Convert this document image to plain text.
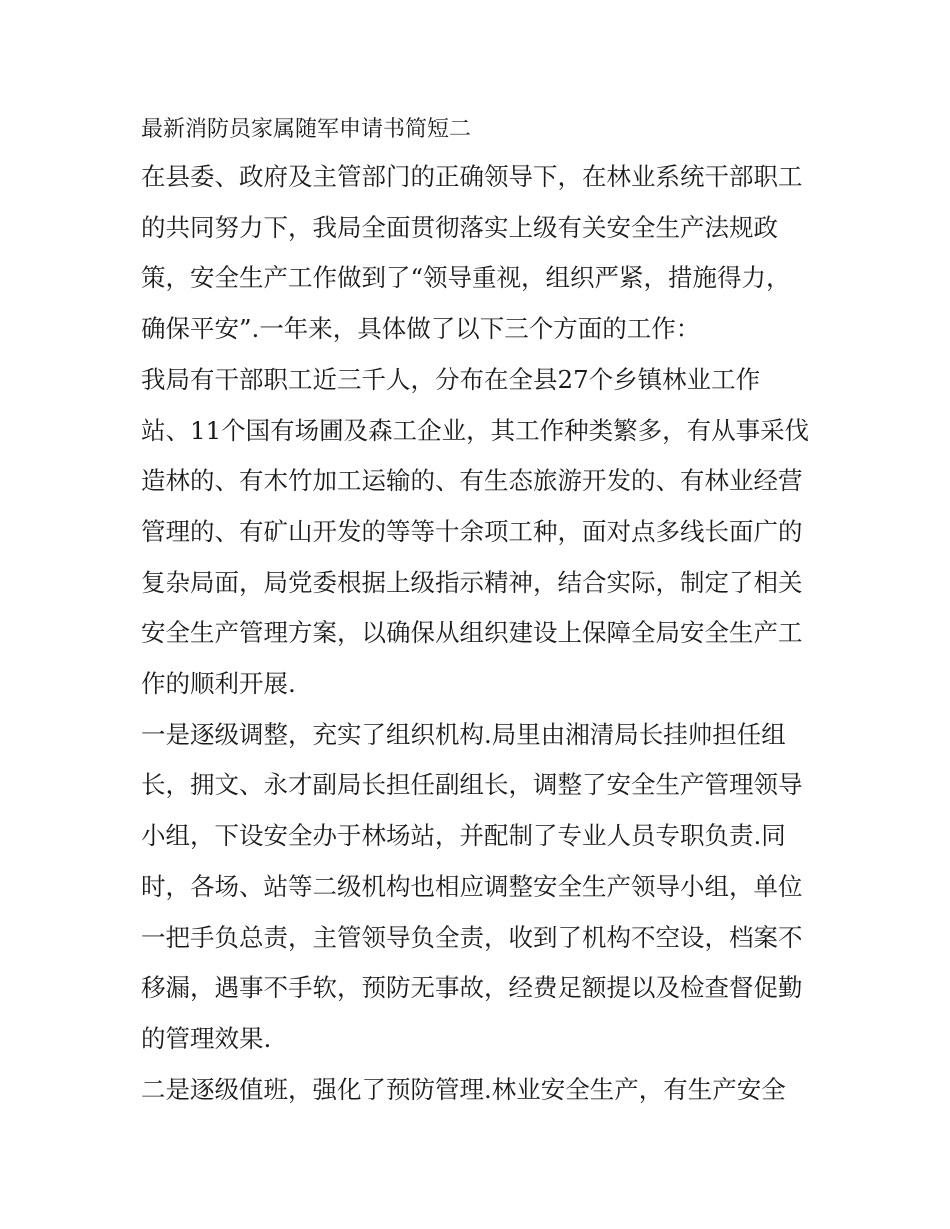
最新消防员家属随军申请书简短二

在县委、政府及主管部门的正确领导下，在林业系统干部职工

的共同努力下，我局全面贯彻落实上级有关安全生产法规政

策，安全生产工作做到了“领导重视，组织严紧，措施得力，

确保平安”.一年来，具体做了以下三个方面的工作：

我局有干部职工近三千人，分布在全县27个乡镇林业工作

站、11个国有场圃及森工企业，其工作种类繁多，有从事采伐

造林的、有木竹加工运输的、有生态旅游开发的、有林业经营

管理的、有矿山开发的等等十余项工种，面对点多线长面广的

复杂局面，局党委根据上级指示精神，结合实际，制定了相关

安全生产管理方案，以确保从组织建设上保障全局安全生产工

作的顺利开展.

一是逐级调整，充实了组织机构.局里由湘清局长挂帅担任组

长，拥文、永才副局长担任副组长，调整了安全生产管理领导

小组，下设安全办于林场站，并配制了专业人员专职负责.同

时，各场、站等二级机构也相应调整安全生产领导小组，单位

一把手负总责，主管领导负全责，收到了机构不空设，档案不

移漏，遇事不手软，预防无事故，经费足额提以及检查督促勤

的管理效果.

二是逐级值班，强化了预防管理.林业安全生产，有生产安全
